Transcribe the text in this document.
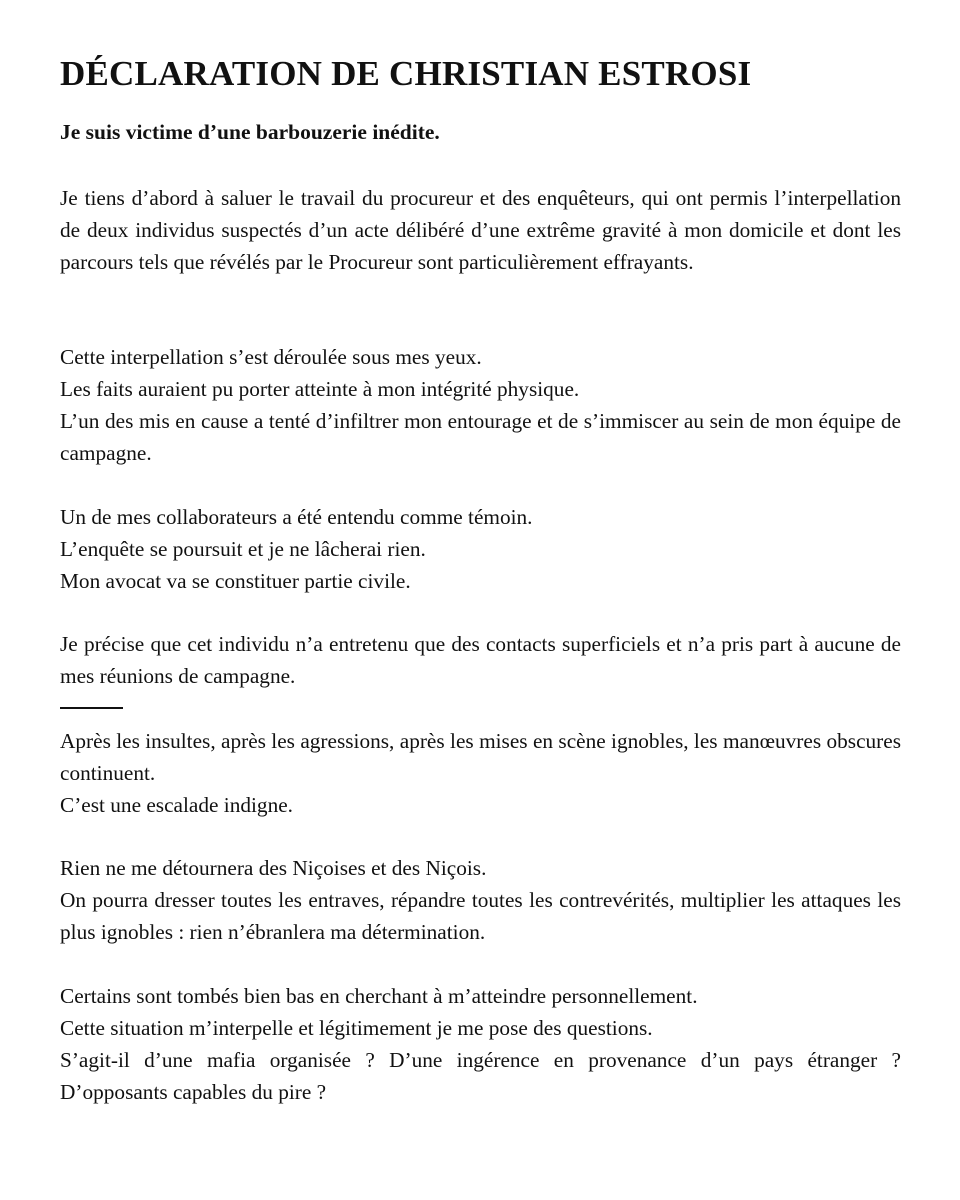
DÉCLARATION DE CHRISTIAN ESTROSI

Je suis victime d’une barbouzerie inédite.

Je tiens d’abord à saluer le travail du procureur et des enquêteurs, qui ont permis l’interpellation de deux individus suspectés d’un acte délibéré d’une extrême gravité à mon domicile et dont les parcours tels que révélés par le Procureur sont particulièrement effrayants.

Cette interpellation s’est déroulée sous mes yeux.

Les faits auraient pu porter atteinte à mon intégrité physique.

L’un des mis en cause a tenté d’infiltrer mon entourage et de s’immiscer au sein de mon équipe de campagne.

Un de mes collaborateurs a été entendu comme témoin.

L’enquête se poursuit et je ne lâcherai rien.

Mon avocat va se constituer partie civile.

Je précise que cet individu n’a entretenu que des contacts superficiels et n’a pris part à aucune de mes réunions de campagne.

Après les insultes, après les agressions, après les mises en scène ignobles, les manœuvres obscures continuent.

C’est une escalade indigne.

Rien ne me détournera des Niçoises et des Niçois.

On pourra dresser toutes les entraves, répandre toutes les contrevérités, multiplier les attaques les plus ignobles : rien n’ébranlera ma détermination.

Certains sont tombés bien bas en cherchant à m’atteindre personnellement.

Cette situation m’interpelle et légitimement je me pose des questions.

S’agit-il d’une mafia organisée ? D’une ingérence en provenance d’un pays étranger ? D’opposants capables du pire ?
